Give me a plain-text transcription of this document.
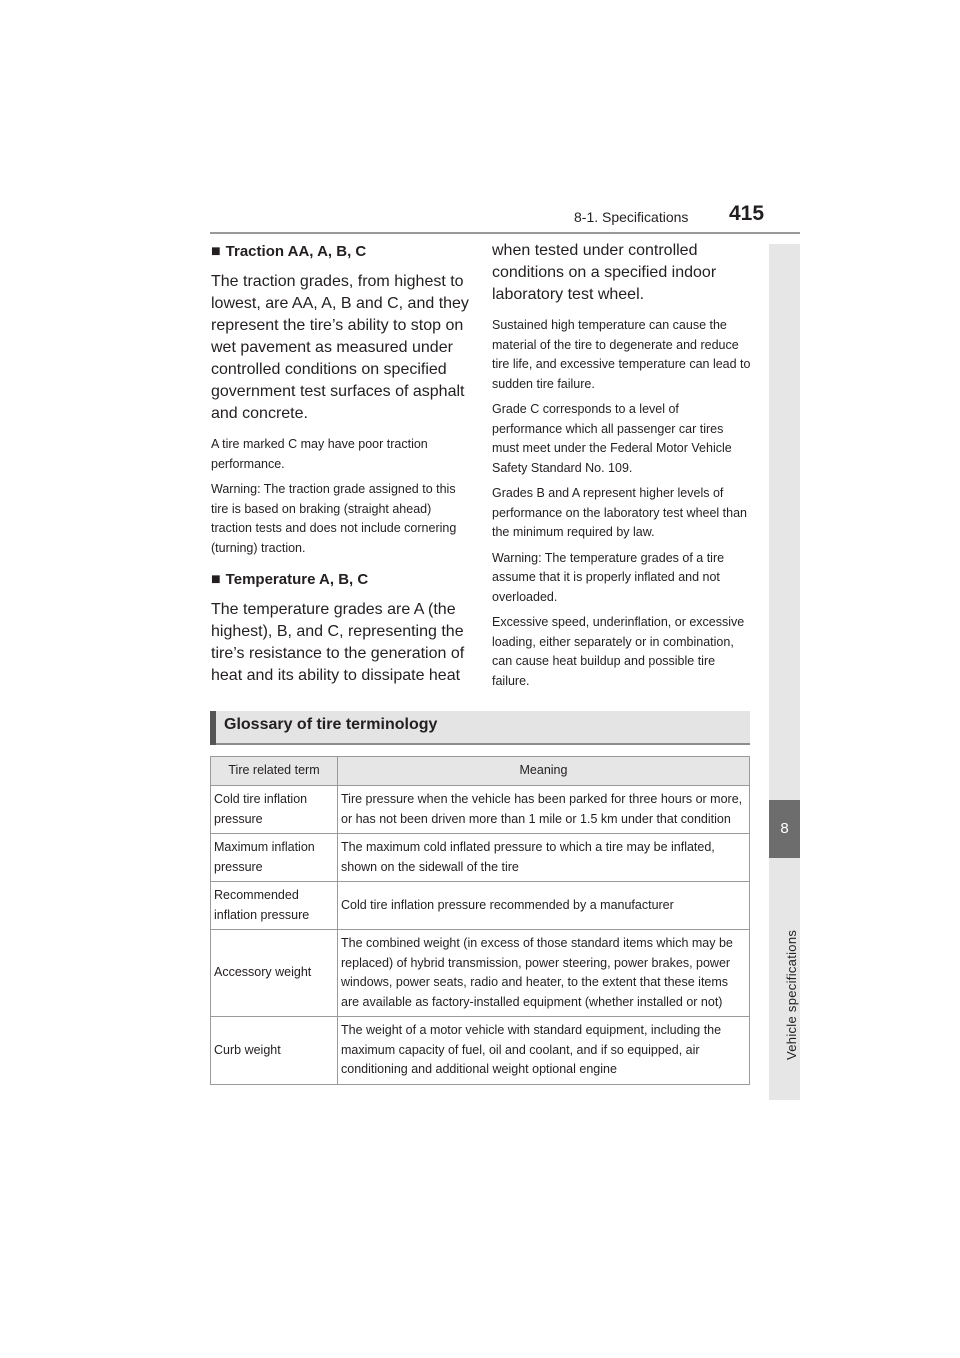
8-1. Specifications 415
8
Vehicle specifications
■ Traction AA, A, B, C

The traction grades, from highest to lowest, are AA, A, B and C, and they represent the tire’s ability to stop on wet pavement as measured under controlled conditions on specified government test surfaces of asphalt and concrete.

A tire marked C may have poor traction performance.

Warning: The traction grade assigned to this tire is based on braking (straight ahead) traction tests and does not include cornering (turning) traction.

■ Temperature A, B, C

The temperature grades are A (the highest), B, and C, representing the tire’s resistance to the generation of heat and its ability to dissipate heat

when tested under controlled conditions on a specified indoor laboratory test wheel.

Sustained high temperature can cause the material of the tire to degenerate and reduce tire life, and excessive temperature can lead to sudden tire failure.

Grade C corresponds to a level of performance which all passenger car tires must meet under the Federal Motor Vehicle Safety Standard No. 109.

Grades B and A represent higher levels of performance on the laboratory test wheel than the minimum required by law.

Warning: The temperature grades of a tire assume that it is properly inflated and not overloaded.

Excessive speed, underinflation, or excessive loading, either separately or in combination, can cause heat buildup and possible tire failure.

Glossary of tire terminology
Tire related term	Meaning
Cold tire inflation pressure	Tire pressure when the vehicle has been parked for three hours or more, or has not been driven more than 1 mile or 1.5 km under that condition
Maximum inflation pressure	The maximum cold inflated pressure to which a tire may be inflated, shown on the sidewall of the tire
Recommended inflation pressure	Cold tire inflation pressure recommended by a manufacturer
Accessory weight	The combined weight (in excess of those standard items which may be replaced) of hybrid transmission, power steering, power brakes, power windows, power seats, radio and heater, to the extent that these items are available as factory-installed equipment (whether installed or not)
Curb weight	The weight of a motor vehicle with standard equipment, including the maximum capacity of fuel, oil and coolant, and if so equipped, air conditioning and additional weight optional engine
